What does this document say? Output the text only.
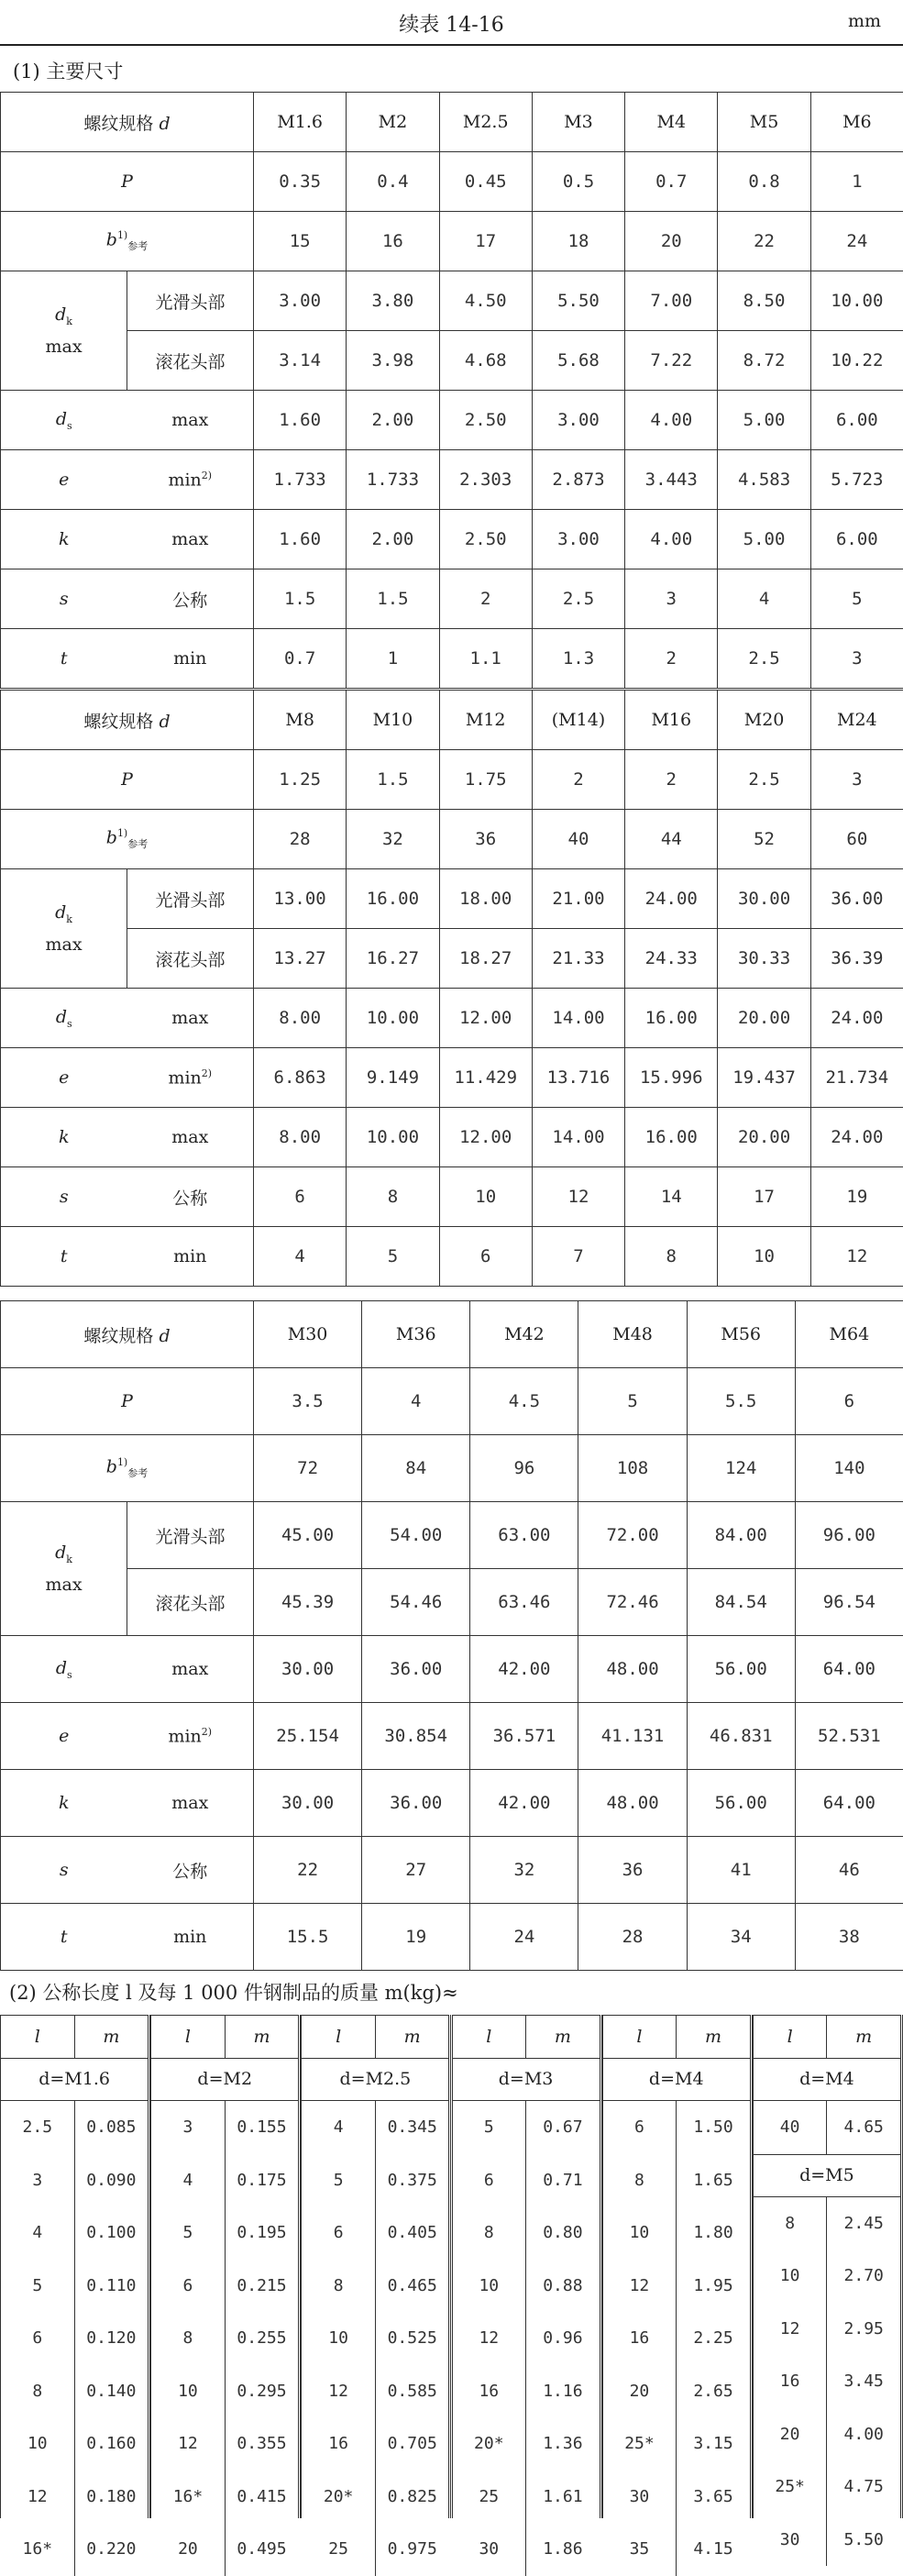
续表 14-16	mm
(1) 主要尺寸
螺纹规格 d		M1.6	M2	M2.5	M3	M4	M5	M6
P		0.35	0.4	0.45	0.5	0.7	0.8	1
$b^{1)}_{参考}$		15	16	17	18	20	22	24
$d_k$
max	光滑头部	3.00	3.80	4.50	5.50	7.00	8.50	10.00
	滚花头部	3.14	3.98	4.68	5.68	7.22	8.72	10.22
$d_s$	max	1.60	2.00	2.50	3.00	4.00	5.00	6.00
e	$\min^{2)}$	1.733	1.733	2.303	2.873	3.443	4.583	5.723
k	max	1.60	2.00	2.50	3.00	4.00	5.00	6.00
s	公称	1.5	1.5	2	2.5	3	4	5
t	min	0.7	1	1.1	1.3	2	2.5	3
螺纹规格 d		M8	M10	M12	(M14)	M16	M20	M24
P		1.25	1.5	1.75	2	2	2.5	3
$b^{1)}_{参考}$		28	32	36	40	44	52	60
$d_k$
max	光滑头部	13.00	16.00	18.00	21.00	24.00	30.00	36.00
	滚花头部	13.27	16.27	18.27	21.33	24.33	30.33	36.39
$d_s$	max	8.00	10.00	12.00	14.00	16.00	20.00	24.00
e	$\min^{2)}$	6.863	9.149	11.429	13.716	15.996	19.437	21.734
k	max	8.00	10.00	12.00	14.00	16.00	20.00	24.00
s	公称	6	8	10	12	14	17	19
t	min	4	5	6	7	8	10	12
螺纹规格 d		M30	M36	M42	M48	M56	M64
P		3.5	4	4.5	5	5.5	6
$b^{1)}_{参考}$		72	84	96	108	124	140
$d_k$
max	光滑头部	45.00	54.00	63.00	72.00	84.00	96.00
	滚花头部	45.39	54.46	63.46	72.46	84.54	96.54
$d_s$	max	30.00	36.00	42.00	48.00	56.00	64.00
e	$\min^{2)}$	25.154	30.854	36.571	41.131	46.831	52.531
k	max	30.00	36.00	42.00	48.00	56.00	64.00
s	公称	22	27	32	36	41	46
t	min	15.5	19	24	28	34	38
(2) 公称长度 l 及每 1 000 件钢制品的质量 m(kg)≈
l	m
d=M1.6
2.5	0.085
3	0.090
4	0.100
5	0.110
6	0.120
8	0.140
10	0.160
12	0.180
16*	0.220
l	m
d=M2
3	0.155
4	0.175
5	0.195
6	0.215
8	0.255
10	0.295
12	0.355
16*	0.415
20	0.495
l	m
d=M2.5
4	0.345
5	0.375
6	0.405
8	0.465
10	0.525
12	0.585
16	0.705
20*	0.825
25	0.975
l	m
d=M3
5	0.67
6	0.71
8	0.80
10	0.88
12	0.96
16	1.16
20*	1.36
25	1.61
30	1.86
l	m
d=M4
6	1.50
8	1.65
10	1.80
12	1.95
16	2.25
20	2.65
25*	3.15
30	3.65
35	4.15
l	m
d=M4
40	4.65
d=M5
8	2.45
10	2.70
12	2.95
16	3.45
20	4.00
25*	4.75
30	5.50
